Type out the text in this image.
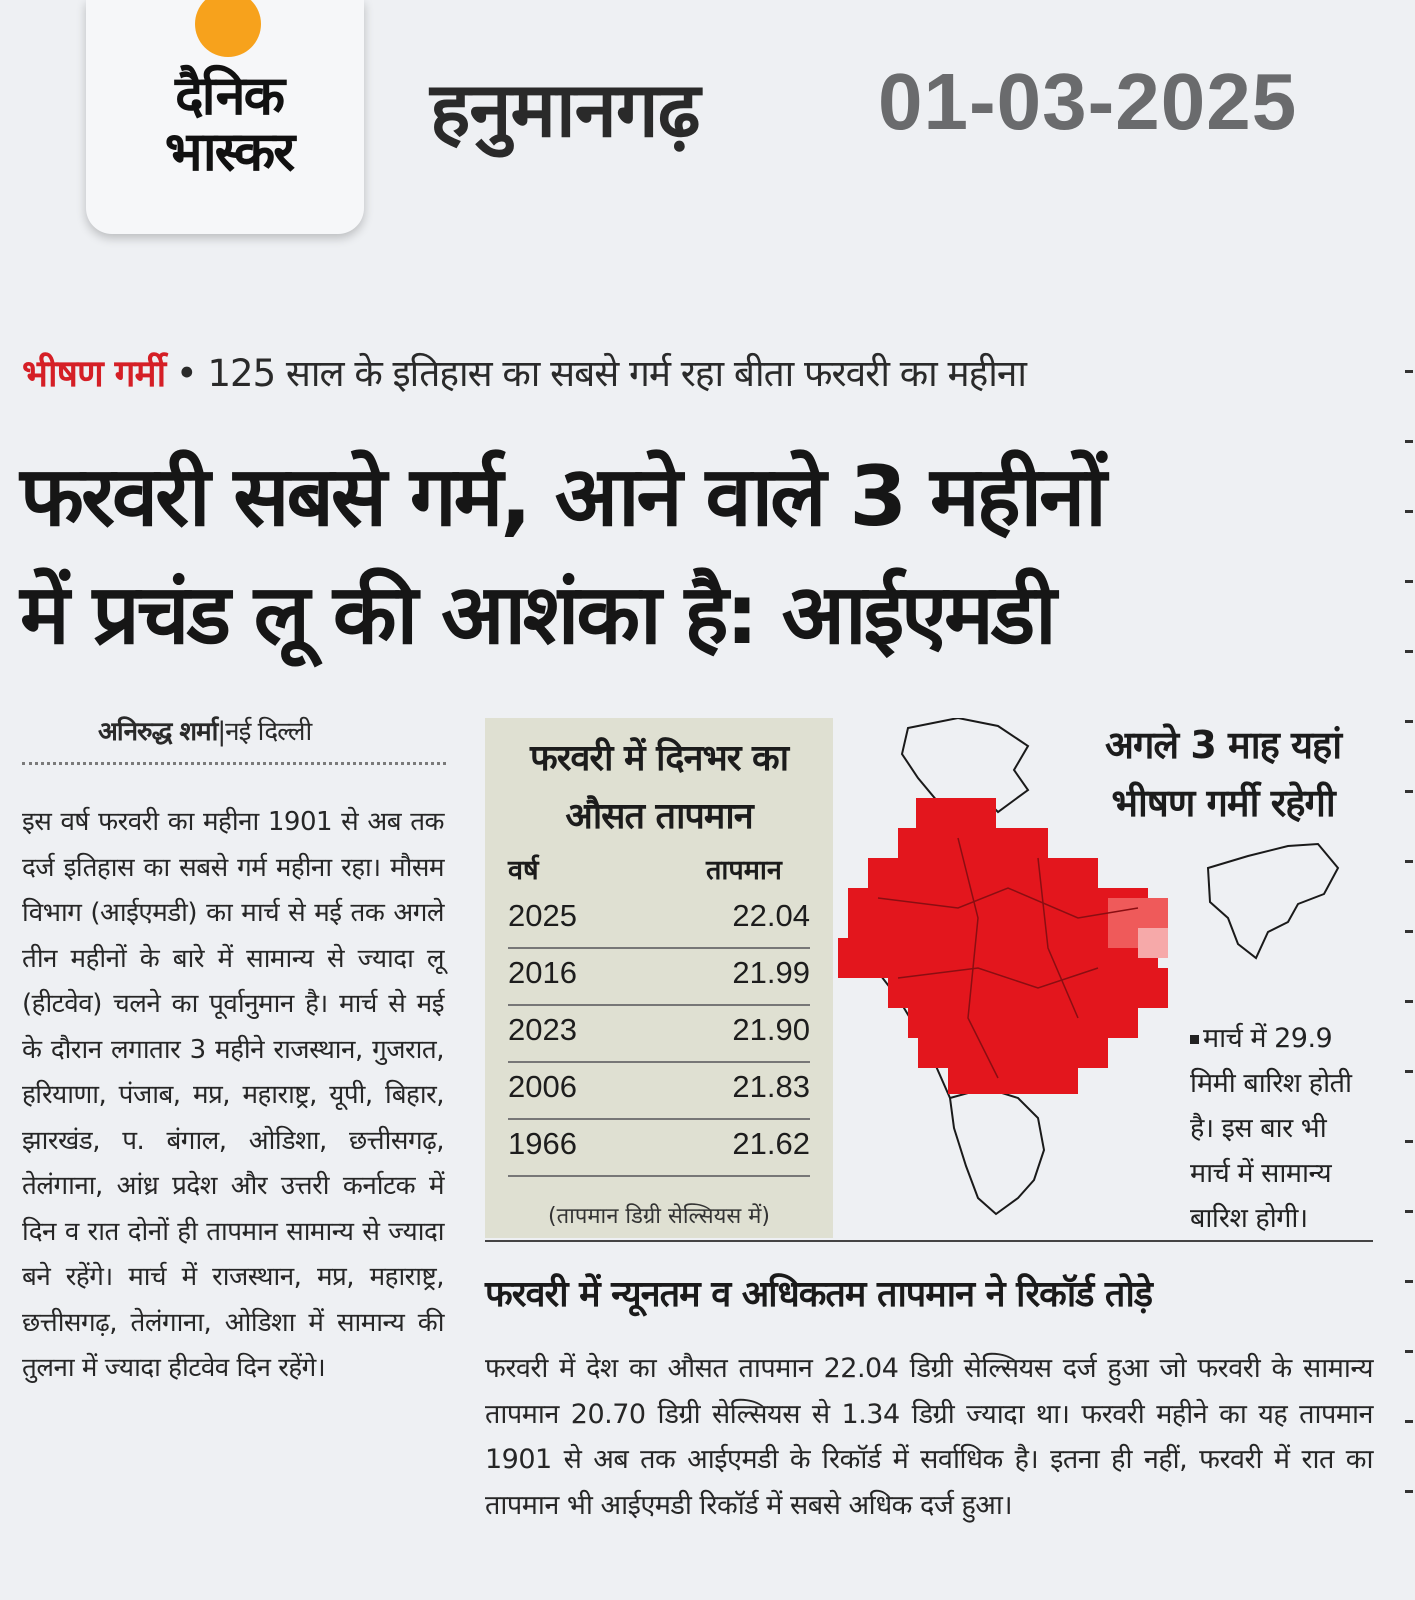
दैनिक
भास्कर	हनुमानगढ़ 01-03-2025
भीषण गर्मी • 125 साल के इतिहास का सबसे गर्म रहा बीता फरवरी का महीना
फरवरी सबसे गर्म, आने वाले 3 महीनों
में प्रचंड लू की आशंका है: आईएमडी
अनिरुद्ध शर्मा|नई दिल्ली
इस वर्ष फरवरी का महीना 1901 से अब तक दर्ज इतिहास का सबसे गर्म महीना रहा। मौसम विभाग (आईएमडी) का मार्च से मई तक अगले तीन महीनों के बारे में सामान्य से ज्यादा लू (हीटवेव) चलने का पूर्वानुमान है। मार्च से मई के दौरान लगातार 3 महीने राजस्थान, गुजरात, हरियाणा, पंजाब, मप्र, महाराष्ट्र, यूपी, बिहार, झारखंड, प. बंगाल, ओडिशा, छत्तीसगढ़, तेलंगाना, आंध्र प्रदेश और उत्तरी कर्नाटक में दिन व रात दोनों ही तापमान सामान्य से ज्यादा बने रहेंगे। मार्च में राजस्थान, मप्र, महाराष्ट्र, छत्तीसगढ़, तेलंगाना, ओडिशा में सामान्य की तुलना में ज्यादा हीटवेव दिन रहेंगे।
फरवरी में दिनभर का
औसत तापमान
वर्ष	तापमान
2025	22.04
2016	21.99
2023	21.90
2006	21.83
1966	21.62
(तापमान डिग्री सेल्सियस में)
अगले 3 माह यहां
भीषण गर्मी रहेगी
मार्च में 29.9
मिमी बारिश होती
है। इस बार भी
मार्च में सामान्य
बारिश होगी।
फरवरी में न्यूनतम व अधिकतम तापमान ने रिकॉर्ड तोड़े
फरवरी में देश का औसत तापमान 22.04 डिग्री सेल्सियस दर्ज हुआ जो फरवरी के सामान्य तापमान 20.70 डिग्री सेल्सियस से 1.34 डिग्री ज्यादा था। फरवरी महीने का यह तापमान 1901 से अब तक आईएमडी के रिकॉर्ड में सर्वाधिक है। इतना ही नहीं, फरवरी में रात का तापमान भी आईएमडी रिकॉर्ड में सबसे अधिक दर्ज हुआ।
